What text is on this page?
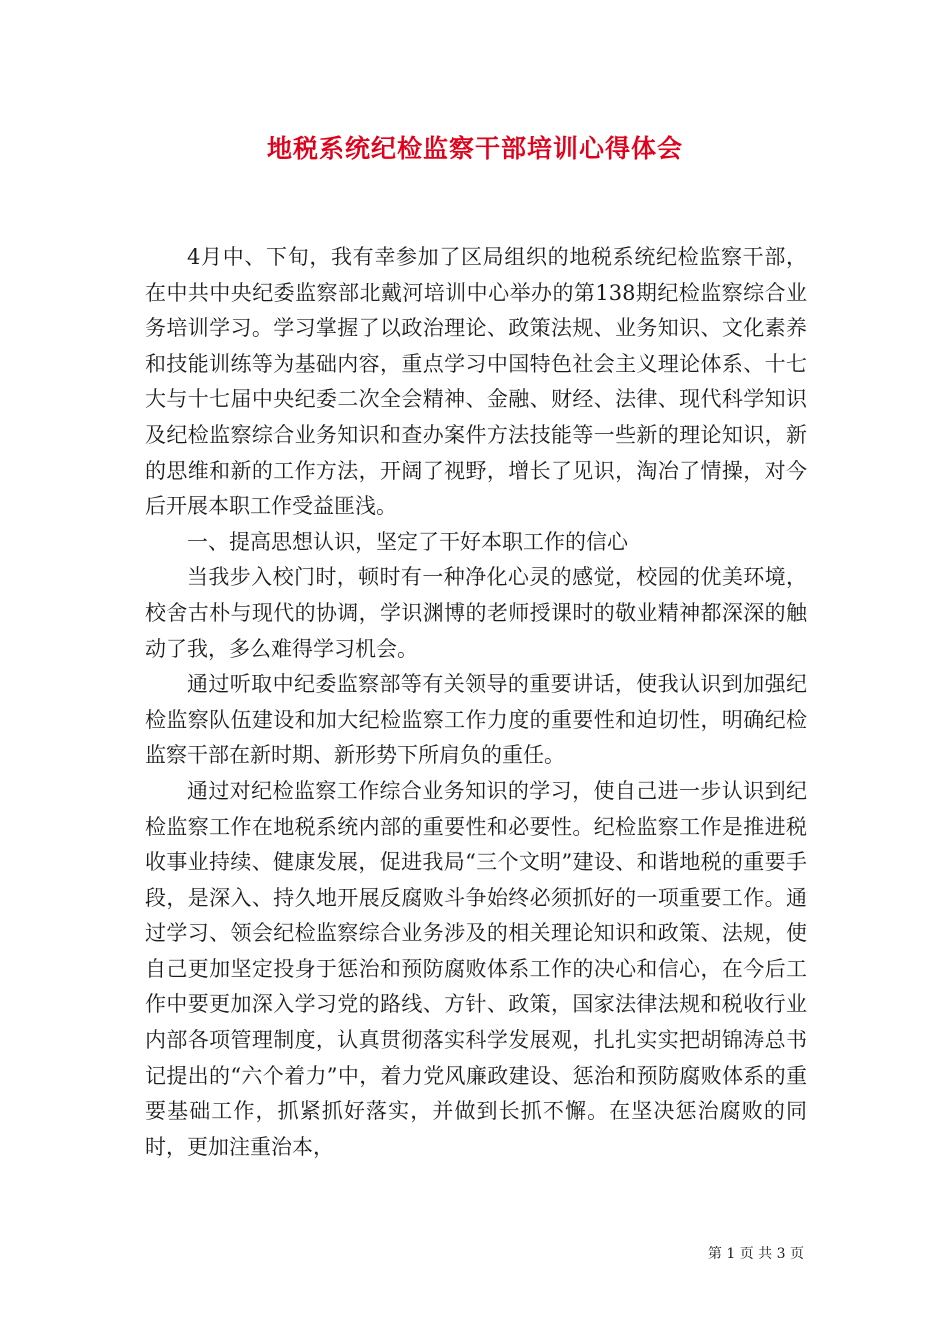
地税系统纪检监察干部培训心得体会

4月中、下旬，我有幸参加了区局组织的地税系统纪检监察干部，在中共中央纪委监察部北戴河培训中心举办的第138期纪检监察综合业务培训学习。学习掌握了以政治理论、政策法规、业务知识、文化素养和技能训练等为基础内容，重点学习中国特色社会主义理论体系、十七大与十七届中央纪委二次全会精神、金融、财经、法律、现代科学知识及纪检监察综合业务知识和查办案件方法技能等一些新的理论知识，新的思维和新的工作方法，开阔了视野，增长了见识，淘冶了情操，对今后开展本职工作受益匪浅。

一、提高思想认识，坚定了干好本职工作的信心

当我步入校门时，顿时有一种净化心灵的感觉，校园的优美环境，校舍古朴与现代的协调，学识渊博的老师授课时的敬业精神都深深的触动了我，多么难得学习机会。

通过听取中纪委监察部等有关领导的重要讲话，使我认识到加强纪检监察队伍建设和加大纪检监察工作力度的重要性和迫切性，明确纪检监察干部在新时期、新形势下所肩负的重任。

通过对纪检监察工作综合业务知识的学习，使自己进一步认识到纪检监察工作在地税系统内部的重要性和必要性。纪检监察工作是推进税收事业持续、健康发展，促进我局“三个文明”建设、和谐地税的重要手段，是深入、持久地开展反腐败斗争始终必须抓好的一项重要工作。通过学习、领会纪检监察综合业务涉及的相关理论知识和政策、法规，使自己更加坚定投身于惩治和预防腐败体系工作的决心和信心，在今后工作中要更加深入学习党的路线、方针、政策，国家法律法规和税收行业内部各项管理制度，认真贯彻落实科学发展观，扎扎实实把胡锦涛总书记提出的“六个着力”中，着力党风廉政建设、惩治和预防腐败体系的重要基础工作，抓紧抓好落实，并做到长抓不懈。在坚决惩治腐败的同时，更加注重治本，

第 1 页 共 3 页
